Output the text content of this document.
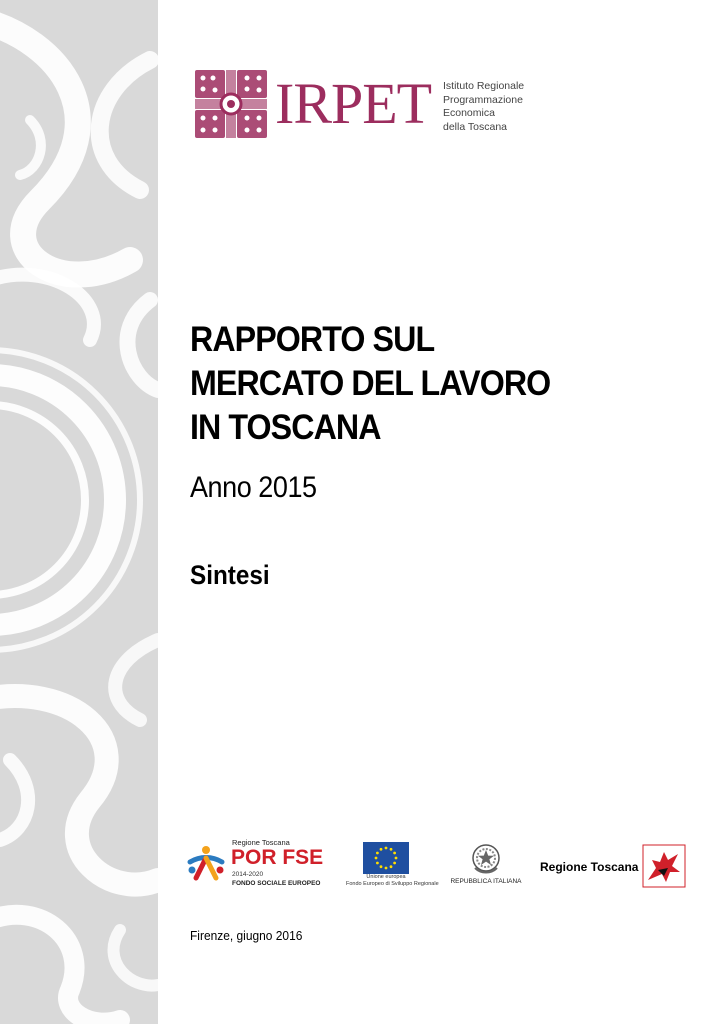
IRPET Istituto Regionale
Programmazione
Economica
della Toscana
RAPPORTO SUL
MERCATO DEL LAVORO
IN TOSCANA
Anno 2015
Sintesi
Regione Toscana
POR FSE
2014-2020
FONDO SOCIALE EUROPEO
Unione europea
Fondo Europeo di Sviluppo Regionale	REPUBBLICA ITALIANA
Regione Toscana
Firenze, giugno 2016
